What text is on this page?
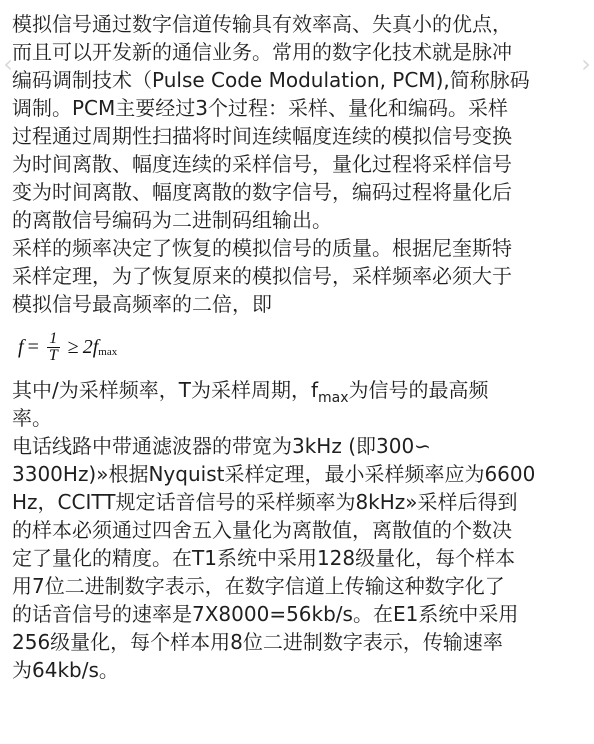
‹	›
模拟信号通过数字信道传输具有效率高、失真小的优点，
而且可以开发新的通信业务。常用的数字化技术就是脉冲
编码调制技术（Pulse Code Modulation, PCM),简称脉码
调制。PCM主要经过3个过程：采样、量化和编码。采样
过程通过周期性扫描将时间连续幅度连续的模拟信号变换
为时间离散、幅度连续的采样信号，量化过程将采样信号
变为时间离散、幅度离散的数字信号，编码过程将量化后
的离散信号编码为二进制码组输出。
采样的频率决定了恢复的模拟信号的质量。根据尼奎斯特
采样定理，为了恢复原来的模拟信号，采样频率必须大于
模拟信号最高频率的二倍，即
$f = \frac{1}{T} \ge 2f$ max
其中/为采样频率，T为采样周期，$f_{max}$为信号的最高频
率。
电话线路中带通滤波器的带宽为3kHz (即300∽
3300Hz)»根据Nyquist采样定理，最小采样频率应为6600
Hz，CCITT规定话音信号的采样频率为8kHz»采样后得到
的样本必须通过四舍五入量化为离散值，离散值的个数决
定了量化的精度。在T1系统中采用128级量化，每个样本
用7位二进制数字表示，在数字信道上传输这种数字化了
的话音信号的速率是7X8000=56kb/s。在E1系统中采用
256级量化，每个样本用8位二进制数字表示，传输速率
为64kb/s。
